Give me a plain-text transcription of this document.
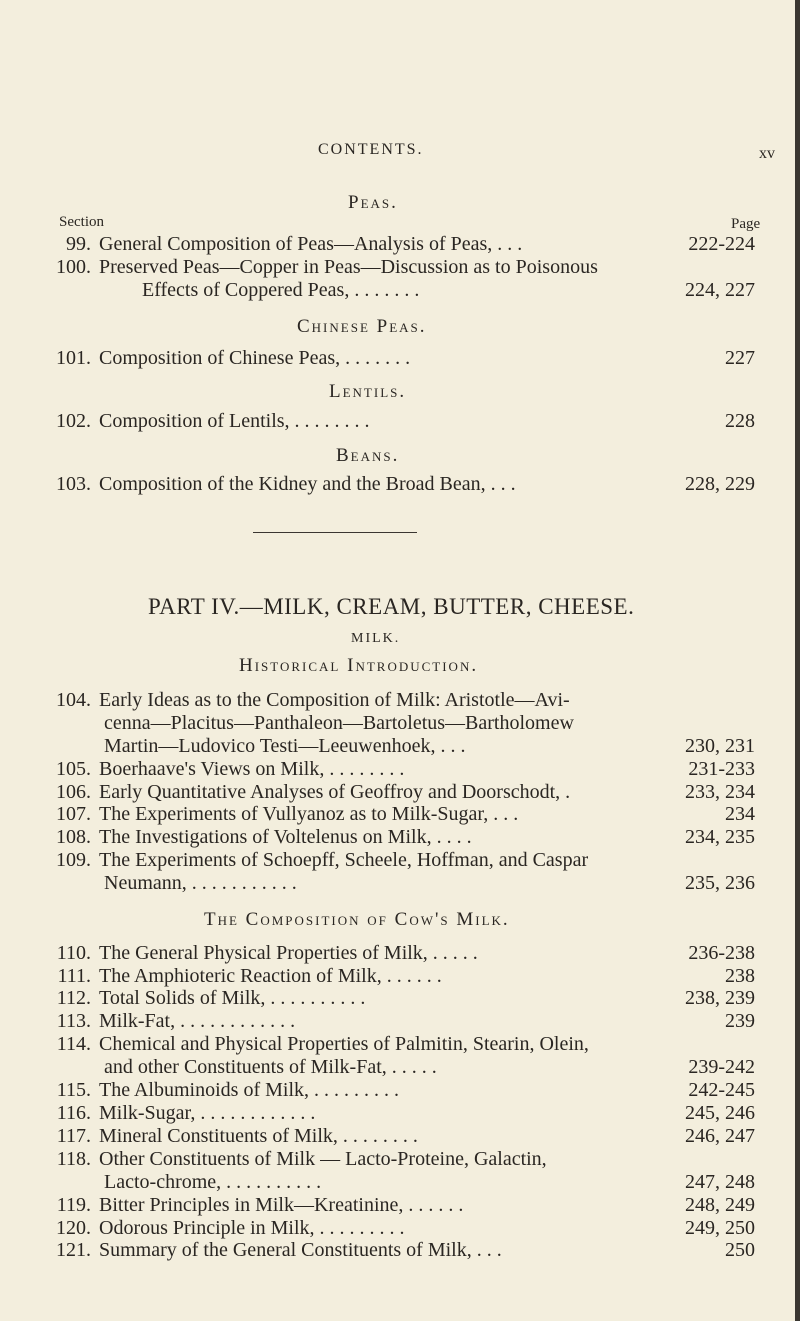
CONTENTS.	xv
Peas.
Section	Page
99. General Composition of Peas—Analysis of Peas, . . .	222-224
100. Preserved Peas—Copper in Peas—Discussion as to Poisonous
Effects of Coppered Peas, . . . . . . .	224, 227
Chinese Peas.
101. Composition of Chinese Peas, . . . . . . .	227
Lentils.
102. Composition of Lentils, . . . . . . . .	228
Beans.
103. Composition of the Kidney and the Broad Bean, . . .	228, 229
PART IV.—MILK, CREAM, BUTTER, CHEESE.
MILK.
Historical Introduction.
104. Early Ideas as to the Composition of Milk: Aristotle—Avi-
cenna—Placitus—Panthaleon—Bartoletus—Bartholomew
Martin—Ludovico Testi—Leeuwenhoek, . . .	230, 231
105. Boerhaave's Views on Milk, . . . . . . . .	231-233
106. Early Quantitative Analyses of Geoffroy and Doorschodt, .	233, 234
107. The Experiments of Vullyanoz as to Milk-Sugar, . . .	234
108. The Investigations of Voltelenus on Milk, . . . .	234, 235
109. The Experiments of Schoepff, Scheele, Hoffman, and Caspar
Neumann, . . . . . . . . . . .	235, 236
The Composition of Cow's Milk.
110. The General Physical Properties of Milk, . . . . .	236-238
111. The Amphioteric Reaction of Milk, . . . . . .	238
112. Total Solids of Milk, . . . . . . . . . .	238, 239
113. Milk-Fat, . . . . . . . . . . . .	239
114. Chemical and Physical Properties of Palmitin, Stearin, Olein,
and other Constituents of Milk-Fat, . . . . .	239-242
115. The Albuminoids of Milk, . . . . . . . . .	242-245
116. Milk-Sugar, . . . . . . . . . . . .	245, 246
117. Mineral Constituents of Milk, . . . . . . . .	246, 247
118. Other Constituents of Milk — Lacto-Proteine, Galactin,
Lacto-chrome, . . . . . . . . . .	247, 248
119. Bitter Principles in Milk—Kreatinine, . . . . . .	248, 249
120. Odorous Principle in Milk, . . . . . . . . .	249, 250
121. Summary of the General Constituents of Milk, . . .	250
